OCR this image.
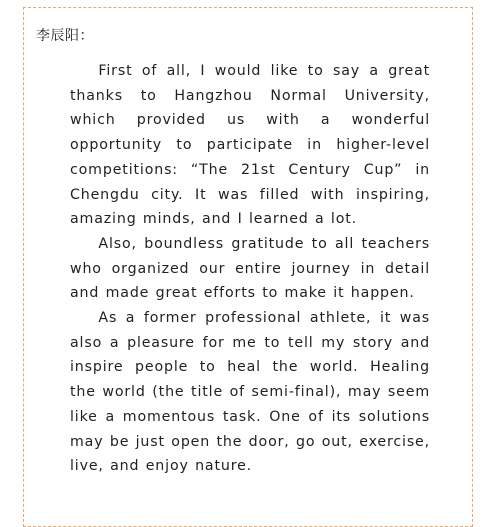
李辰阳：

First of all, I would like to say a great thanks to Hangzhou Normal University, which provided us with a wonderful opportunity to participate in higher-level competitions: “The 21st Century Cup” in Chengdu city. It was filled with inspiring, amazing minds, and I learned a lot.

Also, boundless gratitude to all teachers who organized our entire journey in detail and made great efforts to make it happen.

As a former professional athlete, it was also a pleasure for me to tell my story and inspire people to heal the world. Healing the world (the title of semi-final), may seem like a momentous task. One of its solutions may be just open the door, go out, exercise, live, and enjoy nature.
